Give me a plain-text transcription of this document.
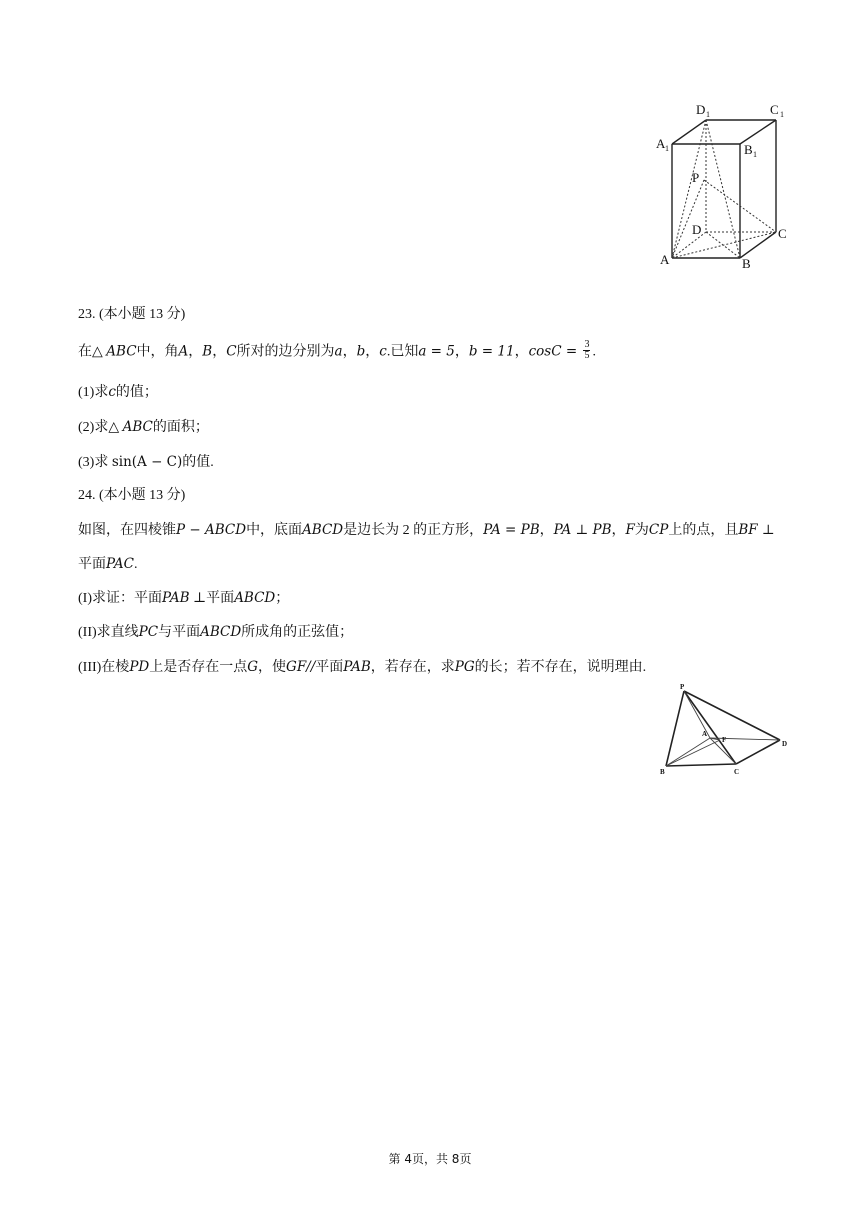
D 1	C 1
A 1	B 1
P
D	C
A	B
23. (本小题 13 分)
在△ ABC中，角A，B，C所对的边分别为a，b，c.已知a = 5，b = 11，$\cos C = \frac{3}{5}$ .
(1)求c的值；
(2)求△ ABC的面积；
(3)求 sin(A − C)的值.
24. (本小题 13 分)
如图，在四棱锥P − ABCD中，底面ABCD是边长为 2 的正方形，PA = PB，PA ⊥ PB，F为CP上的点，且BF ⊥
平面PAC.
(I)求证：平面PAB ⊥平面ABCD；
(II)求直线PC与平面ABCD所成角的正弦值；
(III)在棱PD上是否存在一点G，使GF//平面PAB，若存在，求PG的长；若不存在，说明理由.
P
A
F	D
B	C
第 4页，共 8页
